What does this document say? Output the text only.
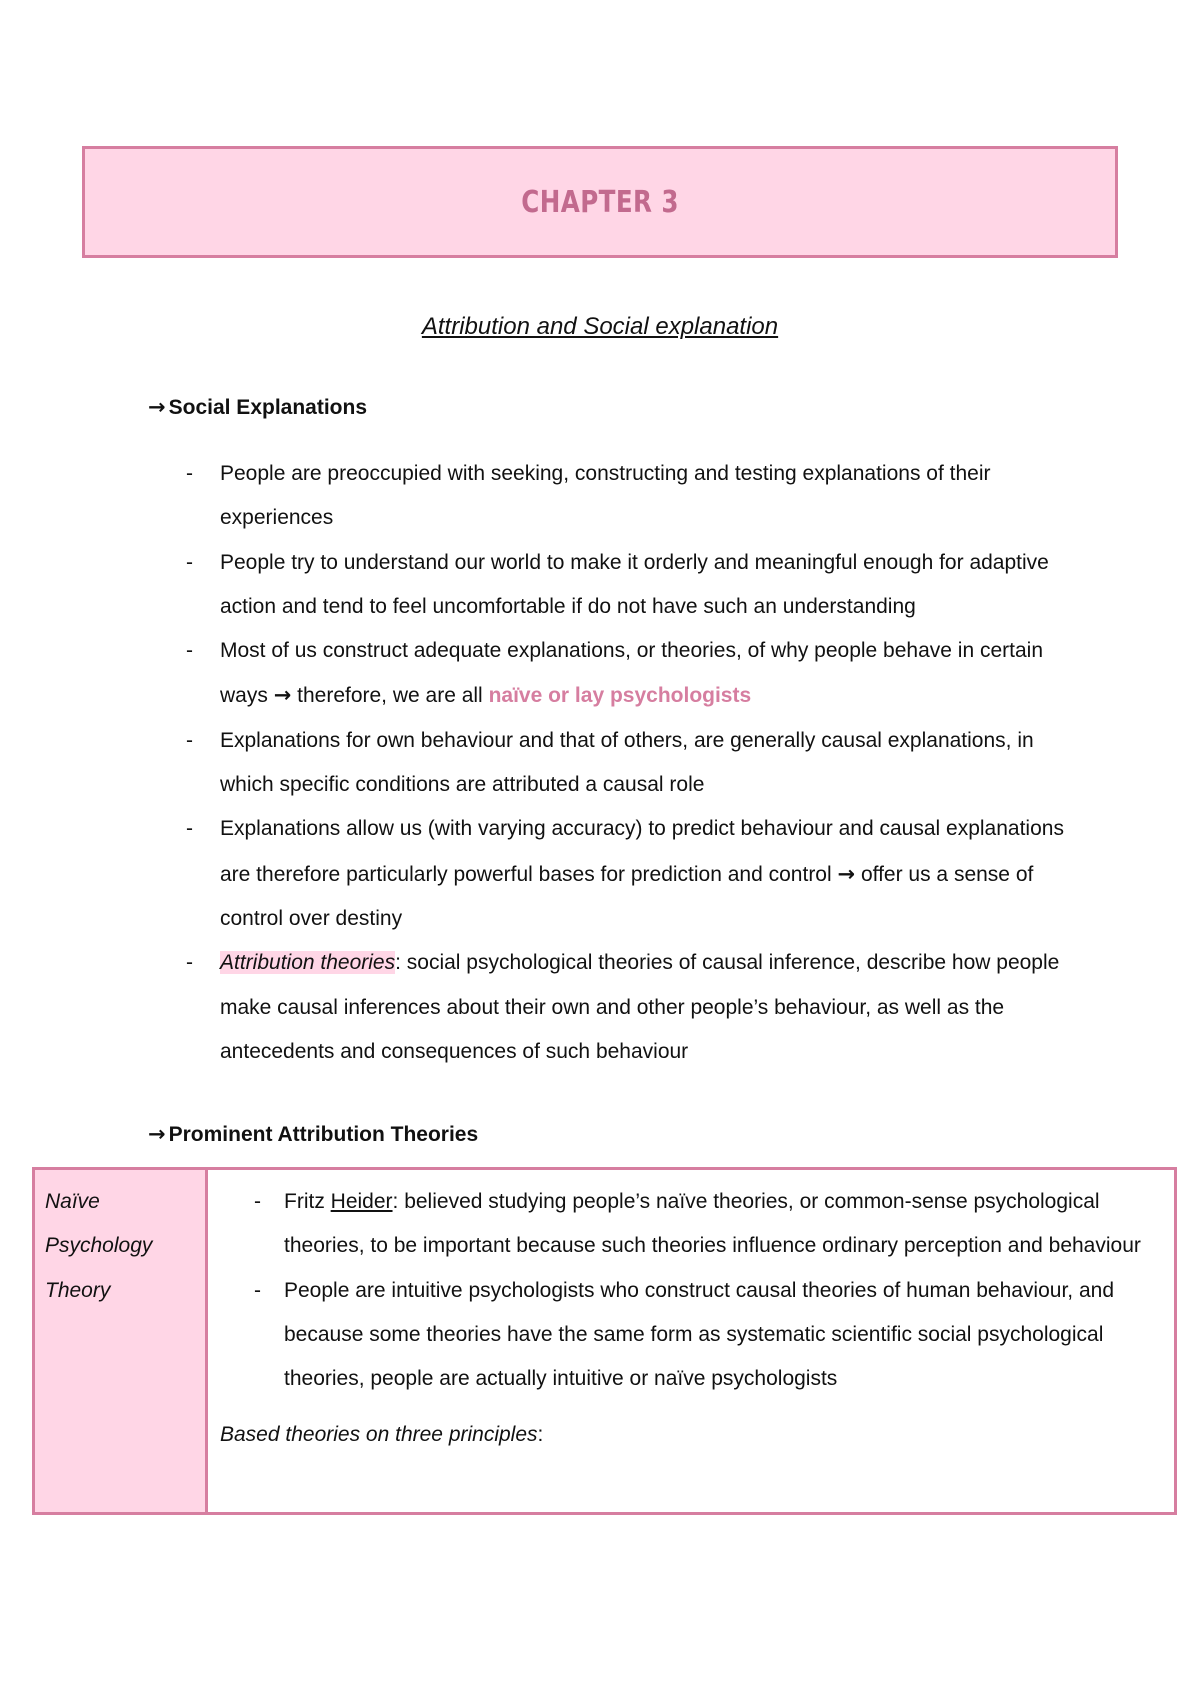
CHAPTER 3
Attribution and Social explanation
→ Social Explanations
- People are preoccupied with seeking, constructing and testing explanations of their experiences
- People try to understand our world to make it orderly and meaningful enough for adaptive action and tend to feel uncomfortable if do not have such an understanding
- Most of us construct adequate explanations, or theories, of why people behave in certain ways → therefore, we are all naïve or lay psychologists
- Explanations for own behaviour and that of others, are generally causal explanations, in which specific conditions are attributed a causal role
- Explanations allow us (with varying accuracy) to predict behaviour and causal explanations are therefore particularly powerful bases for prediction and control → offer us a sense of control over destiny
- Attribution theories: social psychological theories of causal inference, describe how people make causal inferences about their own and other people’s behaviour, as well as the antecedents and consequences of such behaviour
→ Prominent Attribution Theories
Naïve Psychology Theory	
- Fritz Heider: believed studying people’s naïve theories, or common-sense psychological theories, to be important because such theories influence ordinary perception and behaviour
- People are intuitive psychologists who construct causal theories of human behaviour, and because some theories have the same form as systematic scientific social psychological theories, people are actually intuitive or naïve psychologists
Based theories on three principles:
